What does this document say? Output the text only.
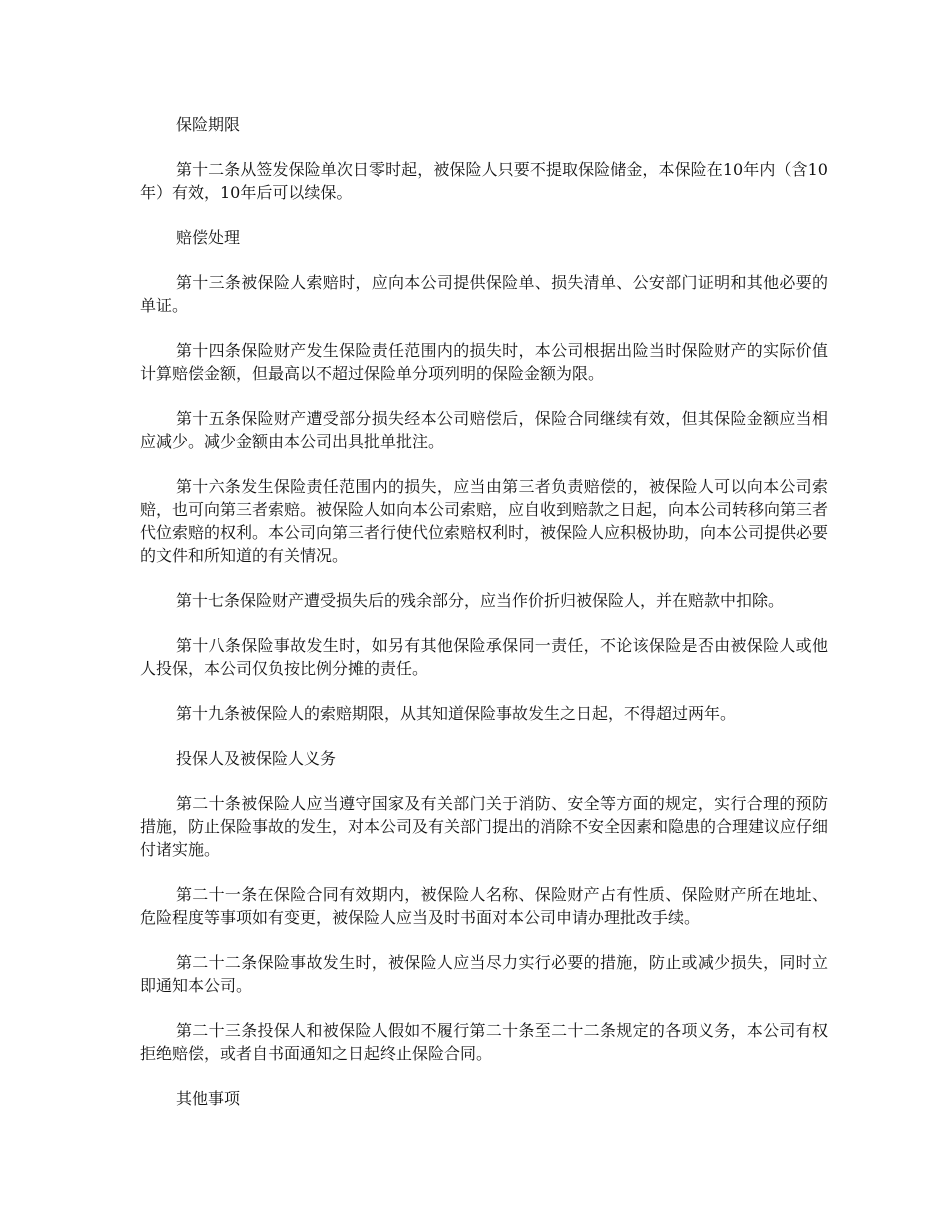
保险期限

第十二条从签发保险单次日零时起，被保险人只要不提取保险储金，本保险在10年内（含10年）有效，10年后可以续保。

赔偿处理

第十三条被保险人索赔时，应向本公司提供保险单、损失清单、公安部门证明和其他必要的单证。

第十四条保险财产发生保险责任范围内的损失时，本公司根据出险当时保险财产的实际价值计算赔偿金额，但最高以不超过保险单分项列明的保险金额为限。

第十五条保险财产遭受部分损失经本公司赔偿后，保险合同继续有效，但其保险金额应当相应减少。减少金额由本公司出具批单批注。

第十六条发生保险责任范围内的损失，应当由第三者负责赔偿的，被保险人可以向本公司索赔，也可向第三者索赔。被保险人如向本公司索赔，应自收到赔款之日起，向本公司转移向第三者代位索赔的权利。本公司向第三者行使代位索赔权利时，被保险人应积极协助，向本公司提供必要的文件和所知道的有关情况。

第十七条保险财产遭受损失后的残余部分，应当作价折归被保险人，并在赔款中扣除。

第十八条保险事故发生时，如另有其他保险承保同一责任，不论该保险是否由被保险人或他人投保，本公司仅负按比例分摊的责任。

第十九条被保险人的索赔期限，从其知道保险事故发生之日起，不得超过两年。

投保人及被保险人义务

第二十条被保险人应当遵守国家及有关部门关于消防、安全等方面的规定，实行合理的预防措施，防止保险事故的发生，对本公司及有关部门提出的消除不安全因素和隐患的合理建议应仔细付诸实施。

第二十一条在保险合同有效期内，被保险人名称、保险财产占有性质、保险财产所在地址、危险程度等事项如有变更，被保险人应当及时书面对本公司申请办理批改手续。

第二十二条保险事故发生时，被保险人应当尽力实行必要的措施，防止或减少损失，同时立即通知本公司。

第二十三条投保人和被保险人假如不履行第二十条至二十二条规定的各项义务，本公司有权拒绝赔偿，或者自书面通知之日起终止保险合同。

其他事项
